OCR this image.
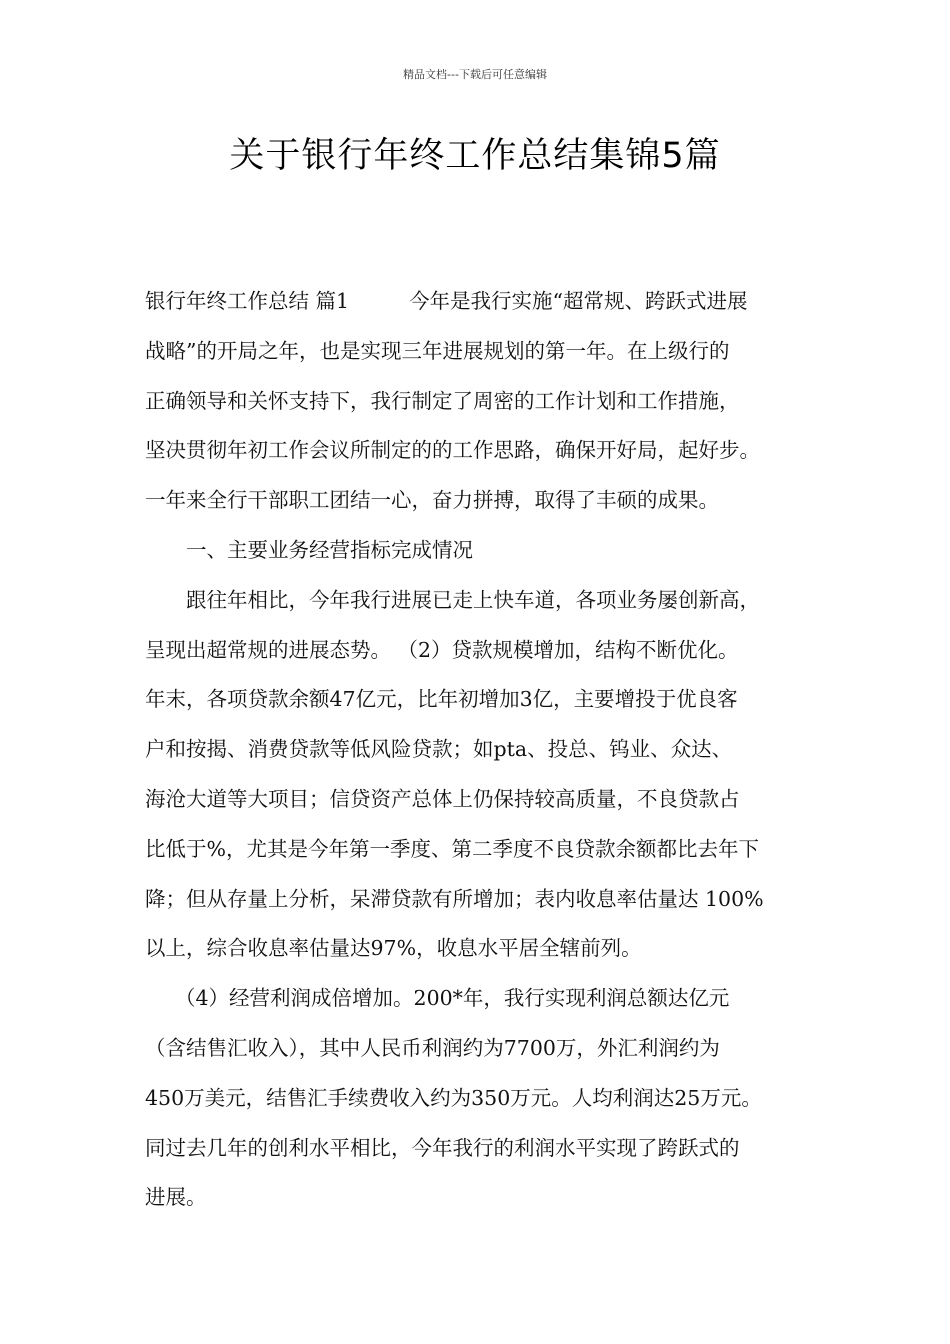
精品文档---下载后可任意编辑
关于银行年终工作总结集锦5篇

银行年终工作总结 篇1	今年是我行实施“超常规、跨跃式进展
战略”的开局之年，也是实现三年进展规划的第一年。在上级行的
正确领导和关怀支持下，我行制定了周密的工作计划和工作措施，
坚决贯彻年初工作会议所制定的的工作思路，确保开好局，起好步。
一年来全行干部职工团结一心，奋力拼搏，取得了丰硕的成果。

一、主要业务经营指标完成情况

跟往年相比，今年我行进展已走上快车道，各项业务屡创新高，
呈现出超常规的进展态势。 （2）贷款规模增加，结构不断优化。
年末，各项贷款余额47亿元，比年初增加3亿，主要增投于优良客
户和按揭、消费贷款等低风险贷款；如pta、投总、钨业、众达、
海沧大道等大项目；信贷资产总体上仍保持较高质量，不良贷款占
比低于%，尤其是今年第一季度、第二季度不良贷款余额都比去年下
降；但从存量上分析，呆滞贷款有所增加；表内收息率估量达 100%
以上，综合收息率估量达97%，收息水平居全辖前列。

（4）经营利润成倍增加。200*年，我行实现利润总额达亿元
（含结售汇收入），其中人民币利润约为7700万，外汇利润约为
450万美元，结售汇手续费收入约为350万元。人均利润达25万元。
同过去几年的创利水平相比，今年我行的利润水平实现了跨跃式的
进展。
